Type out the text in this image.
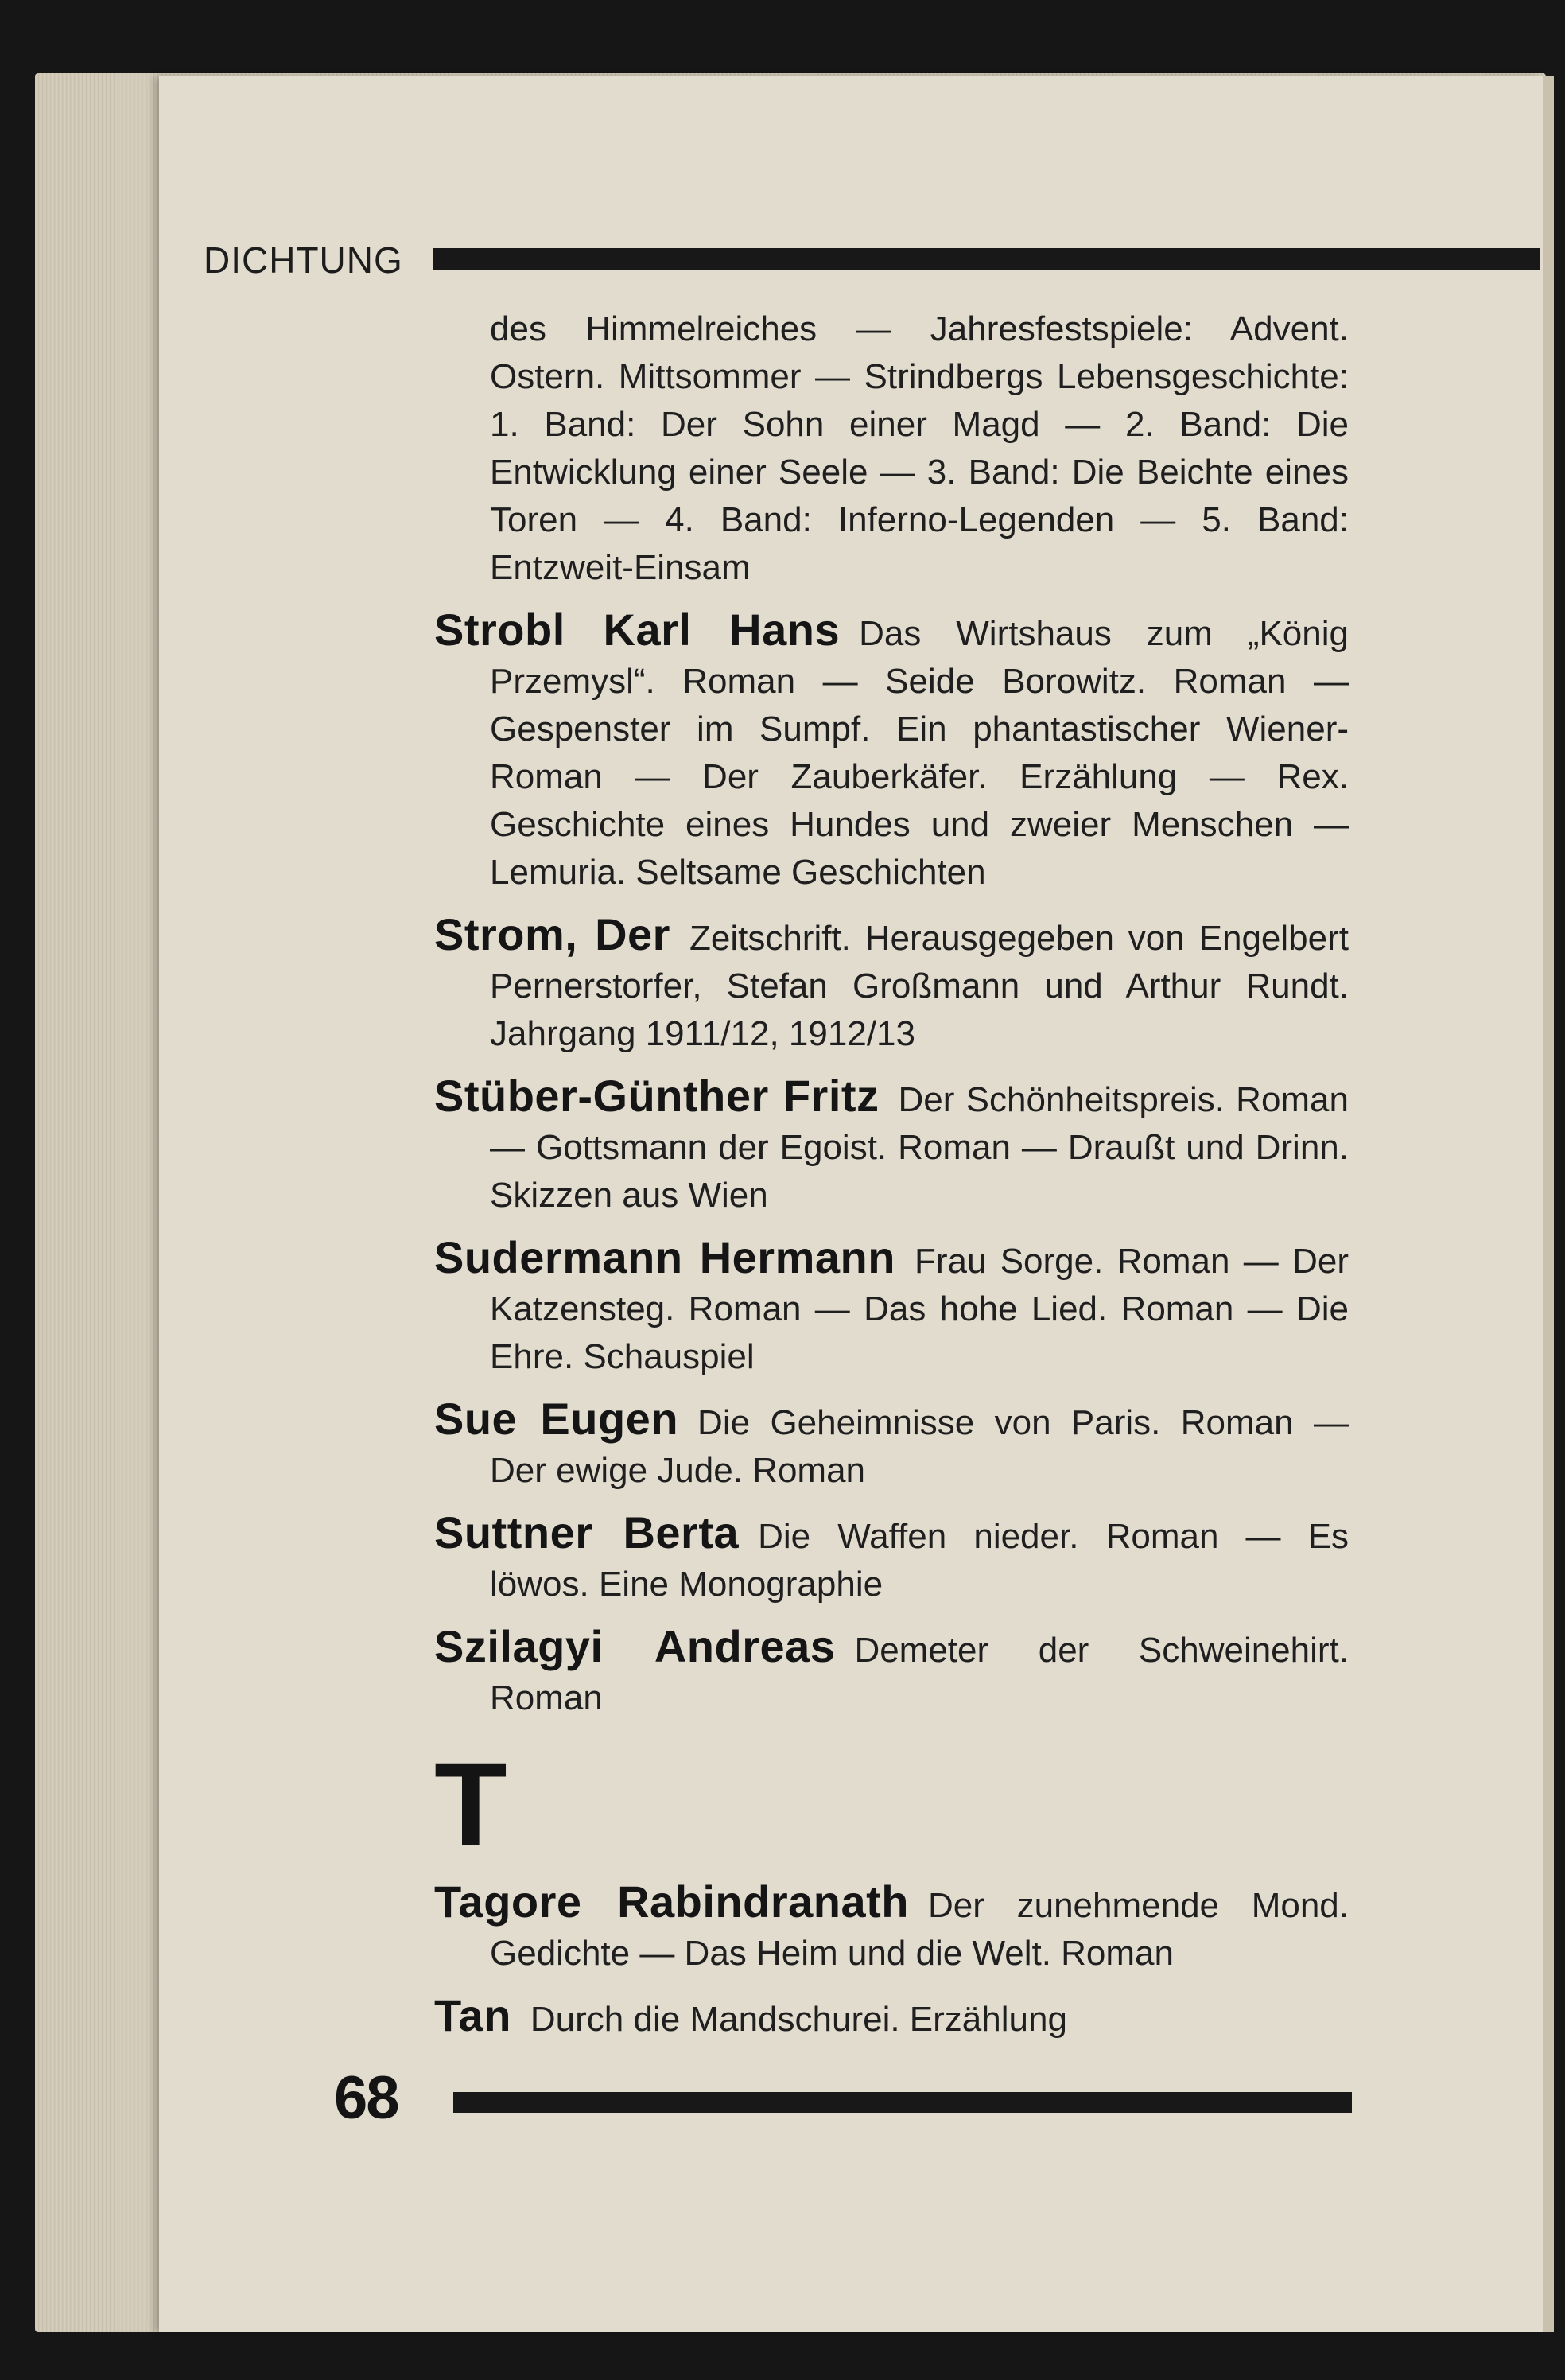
DICHTUNG
des Himmelreiches — Jahresfestspiele: Advent. Ostern. Mittsommer — Strindbergs Lebensgeschichte: 1. Band: Der Sohn einer Magd — 2. Band: Die Entwicklung einer Seele — 3. Band: Die Beichte eines Toren — 4. Band: Inferno-Legenden — 5. Band: Entzweit-Einsam
Strobl Karl Hans Das Wirtshaus zum „König Przemysl“. Roman — Seide Borowitz. Roman — Gespenster im Sumpf. Ein phantastischer Wiener-Roman — Der Zauberkäfer. Erzählung — Rex. Geschichte eines Hundes und zweier Menschen — Lemuria. Seltsame Geschichten
Strom, Der Zeitschrift. Herausgegeben von Engelbert Pernerstorfer, Stefan Großmann und Arthur Rundt. Jahrgang 1911/12, 1912/13
Stüber-Günther Fritz Der Schönheitspreis. Roman — Gottsmann der Egoist. Roman — Draußt und Drinn. Skizzen aus Wien
Sudermann Hermann Frau Sorge. Roman — Der Katzensteg. Roman — Das hohe Lied. Roman — Die Ehre. Schauspiel
Sue Eugen Die Geheimnisse von Paris. Roman — Der ewige Jude. Roman
Suttner Berta Die Waffen nieder. Roman — Es löwos. Eine Monographie
Szilagyi Andreas Demeter der Schweinehirt. Roman
T
Tagore Rabindranath Der zunehmende Mond. Gedichte — Das Heim und die Welt. Roman
Tan Durch die Mandschurei. Erzählung
68
